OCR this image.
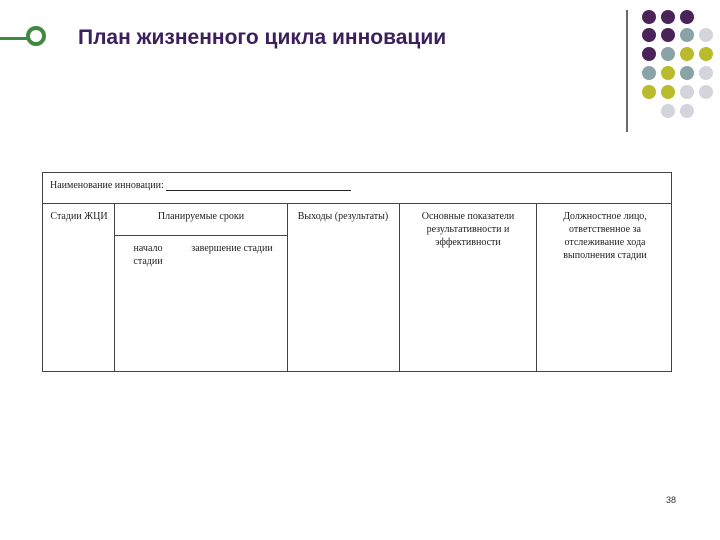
План жизненного цикла инновации
Наименование инновации:
Стадии ЖЦИ	Планируемые сроки
начало стадии
завершение стадии
Выходы (результаты)	Основные показатели результативности и эффективности
Должностное лицо, ответственное за отслеживание хода выполнения стадии
38
